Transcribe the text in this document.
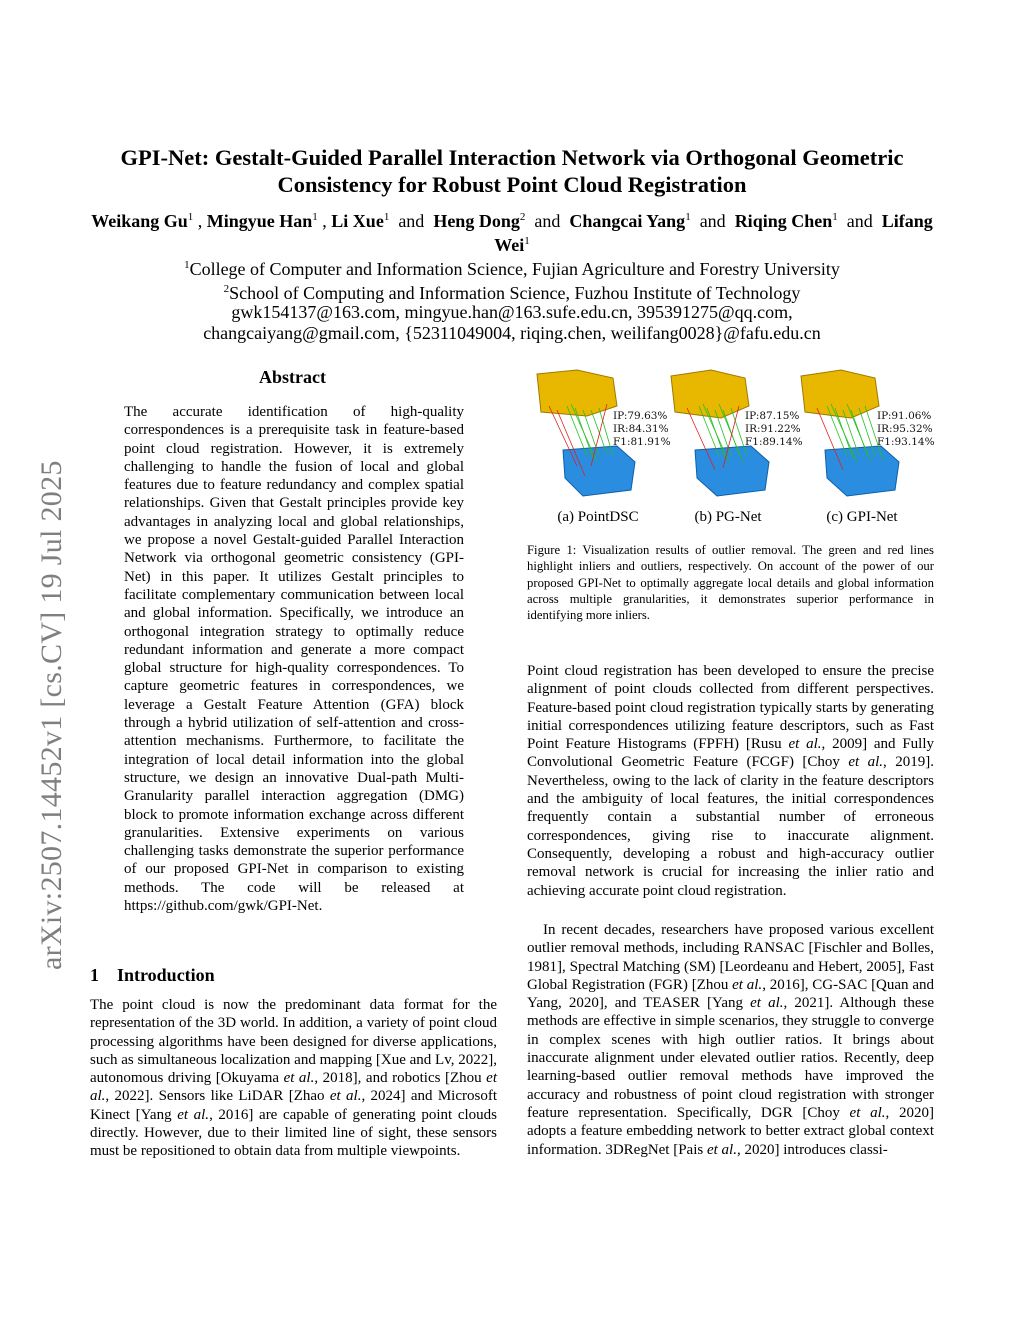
arXiv:2507.14452v1 [cs.CV] 19 Jul 2025
GPI-Net: Gestalt-Guided Parallel Interaction Network via Orthogonal Geometric Consistency for Robust Point Cloud Registration
Weikang Gu$^1$ , Mingyue Han$^1$ , Li Xue$^1$ and Heng Dong$^2$ and Changcai Yang$^1$ and Riqing Chen$^1$ and Lifang Wei$^1$
$^1$College of Computer and Information Science, Fujian Agriculture and Forestry University
$^2$School of Computing and Information Science, Fuzhou Institute of Technology
gwk154137@163.com, mingyue.han@163.sufe.edu.cn, 395391275@qq.com,
changcaiyang@gmail.com, {52311049004, riqing.chen, weilifang0028}@fafu.edu.cn
Abstract
The accurate identification of high-quality correspondences is a prerequisite task in feature-based point cloud registration. However, it is extremely challenging to handle the fusion of local and global features due to feature redundancy and complex spatial relationships. Given that Gestalt principles provide key advantages in analyzing local and global relationships, we propose a novel Gestalt-guided Parallel Interaction Network via orthogonal geometric consistency (GPI-Net) in this paper. It utilizes Gestalt principles to facilitate complementary communication between local and global information. Specifically, we introduce an orthogonal integration strategy to optimally reduce redundant information and generate a more compact global structure for high-quality correspondences. To capture geometric features in correspondences, we leverage a Gestalt Feature Attention (GFA) block through a hybrid utilization of self-attention and cross-attention mechanisms. Furthermore, to facilitate the integration of local detail information into the global structure, we design an innovative Dual-path Multi-Granularity parallel interaction aggregation (DMG) block to promote information exchange across different granularities. Extensive experiments on various challenging tasks demonstrate the superior performance of our proposed GPI-Net in comparison to existing methods. The code will be released at https://github.com/gwk/GPI-Net.
1 Introduction
The point cloud is now the predominant data format for the representation of the 3D world. In addition, a variety of point cloud processing algorithms have been designed for diverse applications, such as simultaneous localization and mapping [Xue and Lv, 2022], autonomous driving [Okuyama et al., 2018], and robotics [Zhou et al., 2022]. Sensors like LiDAR [Zhao et al., 2024] and Microsoft Kinect [Yang et al., 2016] are capable of generating point clouds directly. However, due to their limited line of sight, these sensors must be repositioned to obtain data from multiple viewpoints.
IP:79.63%
IR:84.31%
F1:81.91%
(a) PointDSC
IP:87.15%
IR:91.22%
F1:89.14%
(b) PG-Net
IP:91.06%
IR:95.32%
F1:93.14%
(c) GPI-Net
Figure 1: Visualization results of outlier removal. The green and red lines highlight inliers and outliers, respectively. On account of the power of our proposed GPI-Net to optimally aggregate local details and global information across multiple granularities, it demonstrates superior performance in identifying more inliers.

Point cloud registration has been developed to ensure the precise alignment of point clouds collected from different perspectives. Feature-based point cloud registration typically starts by generating initial correspondences utilizing feature descriptors, such as Fast Point Feature Histograms (FPFH) [Rusu et al., 2009] and Fully Convolutional Geometric Feature (FCGF) [Choy et al., 2019]. Nevertheless, owing to the lack of clarity in the feature descriptors and the ambiguity of local features, the initial correspondences frequently contain a substantial number of erroneous correspondences, giving rise to inaccurate alignment. Consequently, developing a robust and high-accuracy outlier removal network is crucial for increasing the inlier ratio and achieving accurate point cloud registration.

In recent decades, researchers have proposed various excellent outlier removal methods, including RANSAC [Fischler and Bolles, 1981], Spectral Matching (SM) [Leordeanu and Hebert, 2005], Fast Global Registration (FGR) [Zhou et al., 2016], CG-SAC [Quan and Yang, 2020], and TEASER [Yang et al., 2021]. Although these methods are effective in simple scenarios, they struggle to converge in complex scenes with high outlier ratios. It brings about inaccurate alignment under elevated outlier ratios. Recently, deep learning-based outlier removal methods have improved the accuracy and robustness of point cloud registration with stronger feature representation. Specifically, DGR [Choy et al., 2020] adopts a feature embedding network to better extract global context information. 3DRegNet [Pais et al., 2020] introduces classi-
